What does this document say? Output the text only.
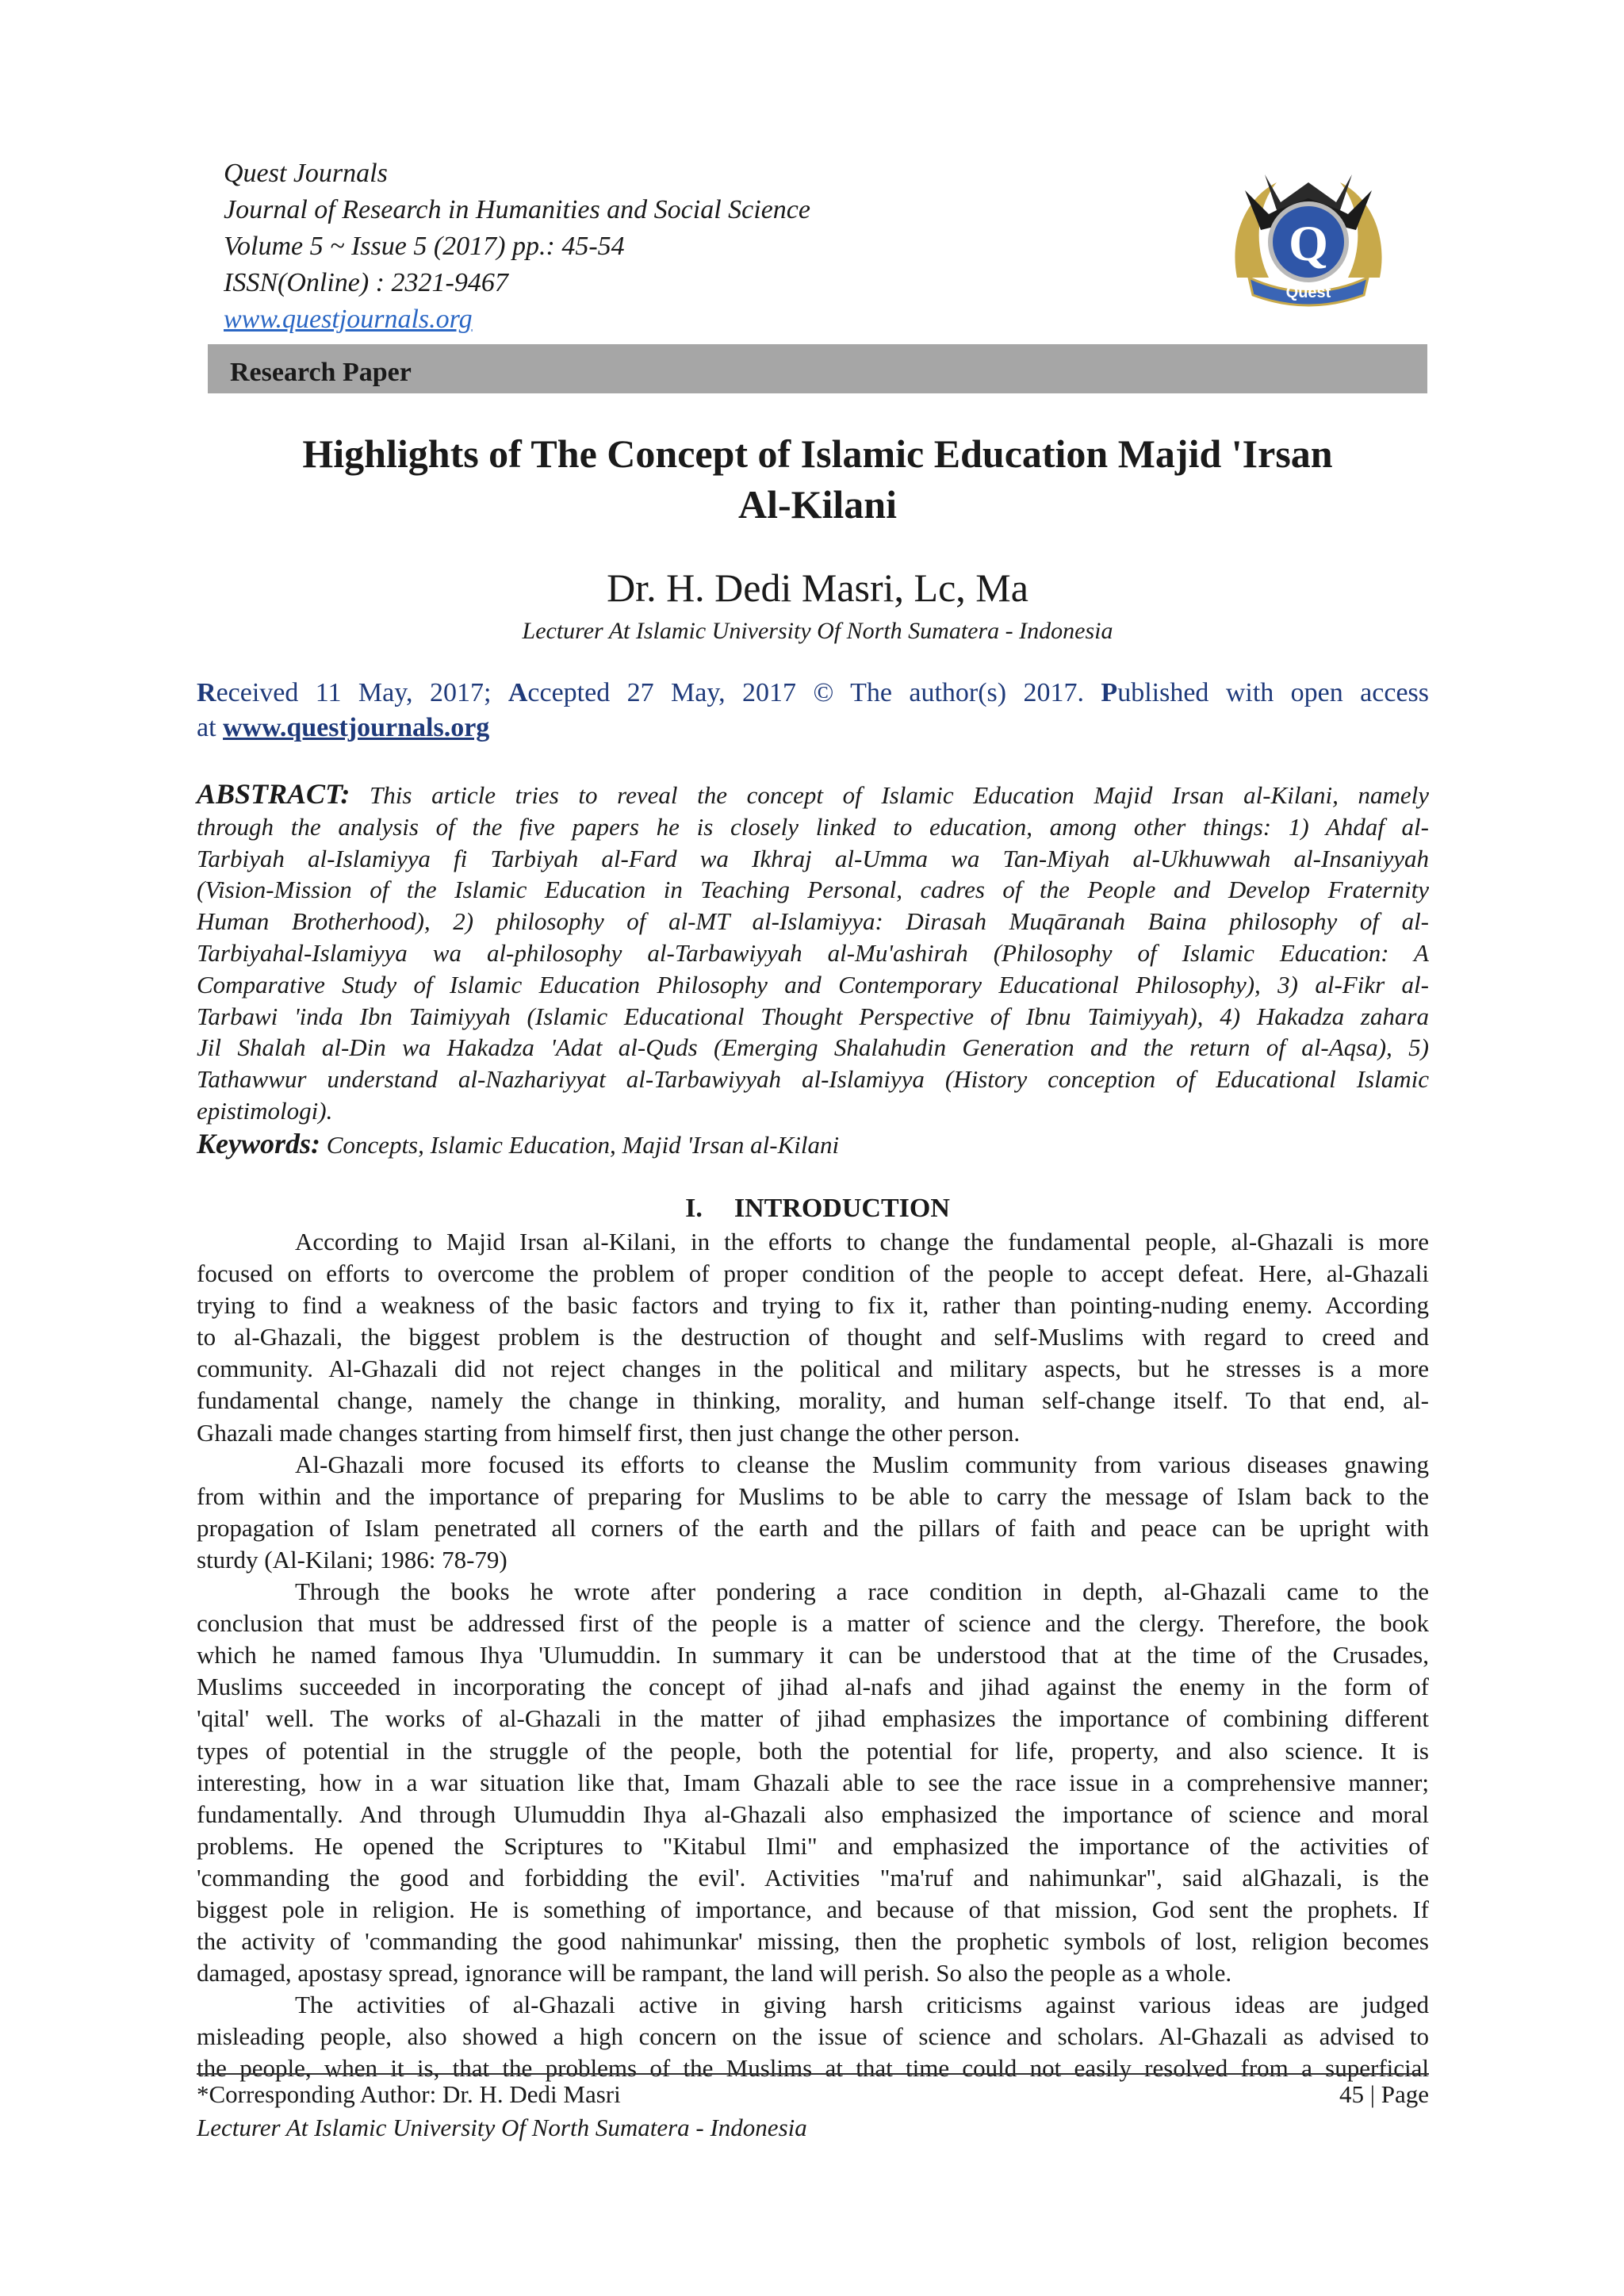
Quest Journals
Journal of Research in Humanities and Social Science
Volume 5 ~ Issue 5 (2017) pp.: 45-54
ISSN(Online) : 2321-9467
www.questjournals.org
Q
Quest
Research Paper
Highlights of The Concept of Islamic Education Majid 'Irsan
Al-Kilani
Dr. H. Dedi Masri, Lc, Ma
Lecturer At Islamic University Of North Sumatera - Indonesia
Received 11 May, 2017; Accepted 27 May, 2017 © The author(s) 2017. Published with open access
at www.questjournals.org
ABSTRACT: This article tries to reveal the concept of Islamic Education Majid Irsan al-Kilani, namely
through the analysis of the five papers he is closely linked to education, among other things: 1) Ahdaf al-
Tarbiyah al-Islamiyya fi Tarbiyah al-Fard wa Ikhraj al-Umma wa Tan-Miyah al-Ukhuwwah al-Insaniyyah
(Vision-Mission of the Islamic Education in Teaching Personal, cadres of the People and Develop Fraternity
Human Brotherhood), 2) philosophy of al-MT al-Islamiyya: Dirasah Muqāranah Baina philosophy of al-
Tarbiyahal-Islamiyya wa al-philosophy al-Tarbawiyyah al-Mu'ashirah (Philosophy of Islamic Education: A
Comparative Study of Islamic Education Philosophy and Contemporary Educational Philosophy), 3) al-Fikr al-
Tarbawi 'inda Ibn Taimiyyah (Islamic Educational Thought Perspective of Ibnu Taimiyyah), 4) Hakadza zahara
Jil Shalah al-Din wa Hakadza 'Adat al-Quds (Emerging Shalahudin Generation and the return of al-Aqsa), 5)
Tathawwur understand al-Nazhariyyat al-Tarbawiyyah al-Islamiyya (History conception of Educational Islamic
epistimologi).
Keywords: Concepts, Islamic Education, Majid 'Irsan al-Kilani
I. INTRODUCTION
According to Majid Irsan al-Kilani, in the efforts to change the fundamental people, al-Ghazali is more
focused on efforts to overcome the problem of proper condition of the people to accept defeat. Here, al-Ghazali
trying to find a weakness of the basic factors and trying to fix it, rather than pointing-nuding enemy. According
to al-Ghazali, the biggest problem is the destruction of thought and self-Muslims with regard to creed and
community. Al-Ghazali did not reject changes in the political and military aspects, but he stresses is a more
fundamental change, namely the change in thinking, morality, and human self-change itself. To that end, al-
Ghazali made changes starting from himself first, then just change the other person.
Al-Ghazali more focused its efforts to cleanse the Muslim community from various diseases gnawing
from within and the importance of preparing for Muslims to be able to carry the message of Islam back to the
propagation of Islam penetrated all corners of the earth and the pillars of faith and peace can be upright with
sturdy (Al-Kilani; 1986: 78-79)
Through the books he wrote after pondering a race condition in depth, al-Ghazali came to the
conclusion that must be addressed first of the people is a matter of science and the clergy. Therefore, the book
which he named famous Ihya 'Ulumuddin. In summary it can be understood that at the time of the Crusades,
Muslims succeeded in incorporating the concept of jihad al-nafs and jihad against the enemy in the form of
'qital' well. The works of al-Ghazali in the matter of jihad emphasizes the importance of combining different
types of potential in the struggle of the people, both the potential for life, property, and also science. It is
interesting, how in a war situation like that, Imam Ghazali able to see the race issue in a comprehensive manner;
fundamentally. And through Ulumuddin Ihya al-Ghazali also emphasized the importance of science and moral
problems. He opened the Scriptures to "Kitabul Ilmi" and emphasized the importance of the activities of
'commanding the good and forbidding the evil'. Activities "ma'ruf and nahimunkar", said alGhazali, is the
biggest pole in religion. He is something of importance, and because of that mission, God sent the prophets. If
the activity of 'commanding the good nahimunkar' missing, then the prophetic symbols of lost, religion becomes
damaged, apostasy spread, ignorance will be rampant, the land will perish. So also the people as a whole.
The activities of al-Ghazali active in giving harsh criticisms against various ideas are judged
misleading people, also showed a high concern on the issue of science and scholars. Al-Ghazali as advised to
the people, when it is, that the problems of the Muslims at that time could not easily resolved from a superficial
*Corresponding Author: Dr. H. Dedi Masri	45 | Page
Lecturer At Islamic University Of North Sumatera - Indonesia
